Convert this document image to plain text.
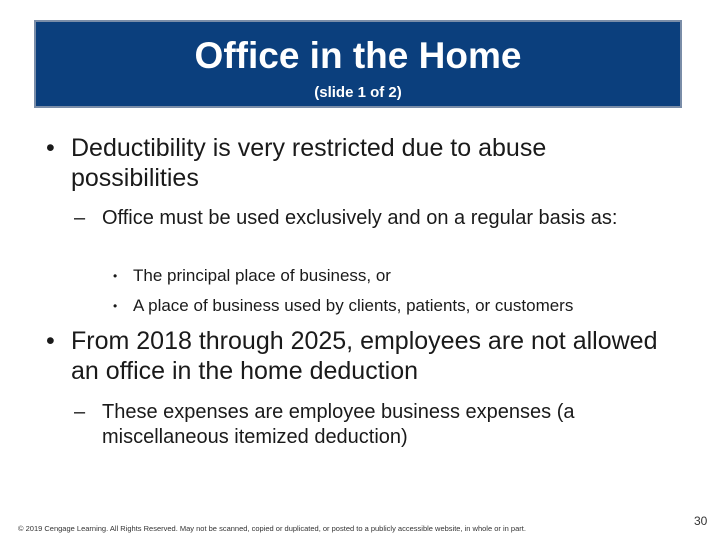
Office in the Home
(slide 1 of 2)
• Deductibility is very restricted due to abuse possibilities
– Office must be used exclusively and on a regular basis as:
• The principal place of business, or
• A place of business used by clients, patients, or customers
• From 2018 through 2025, employees are not allowed an office in the home deduction
– These expenses are employee business expenses (a miscellaneous itemized deduction)
© 2019 Cengage Learning. All Rights Reserved. May not be scanned, copied or duplicated, or posted to a publicly accessible website, in whole or in part.
30
